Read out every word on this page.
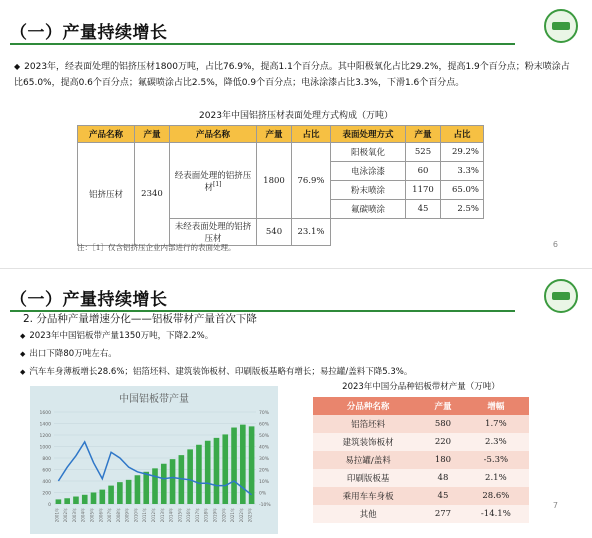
（一）产量持续增长
◆ 2023年，经表面处理的铝挤压材1800万吨，占比76.9%，提高1.1个百分点。其中阳极氧化占比29.2%，提高1.9个百分点；粉末喷涂占比65.0%，提高0.6个百分点；氟碳喷涂占比2.5%，降低0.9个百分点；电泳涂漆占比3.3%，下滑1.6个百分点。
2023年中国铝挤压材表面处理方式构成（万吨）
产品名称	产量	产品名称	产量	占比	表面处理方式	产量	占比
铝挤压材	2340	经表面处理的铝挤压材[1]	1800	76.9%	阳极氧化	525	29.2%
					电泳涂漆	60	3.3%
					粉末喷涂	1170	65.0%
					氟碳喷涂	45	2.5%
		未经表面处理的铝挤压材	540	23.1%			
注：［1］仅含铝挤压企业内部进行的表面处理。	6
（一）产量持续增长
2. 分品种产量增速分化——铝板带材产量首次下降
◆ 2023年中国铝板带产量1350万吨，下降2.2%。
◆ 出口下降80万吨左右。
◆ 汽车车身薄板增长28.6%；铝箔坯料、建筑装饰板材、印刷版板基略有增长；易拉罐/盖料下降5.3%。
中国铝板带产量
0
200
400
600
800
1000
1200
1400
1600
-10%
0%
10%
20%
30%
40%
50%
60%
70%
2001年 2002年 2003年 2004年 2005年 2006年 2007年 2008年 2009年 2010年 2011年 2012年 2013年 2014年 2015年 2016年 2017年 2018年 2019年 2020年 2021年 2022年 2023年
2023年中国分品种铝板带材产量（万吨）
分品种名称	产量	增幅
铝箔坯料	580	1.7%
建筑装饰板材	220	2.3%
易拉罐/盖料	180	-5.3%
印刷版板基	48	2.1%
乘用车车身板	45	28.6%
其他	277	-14.1%
7
